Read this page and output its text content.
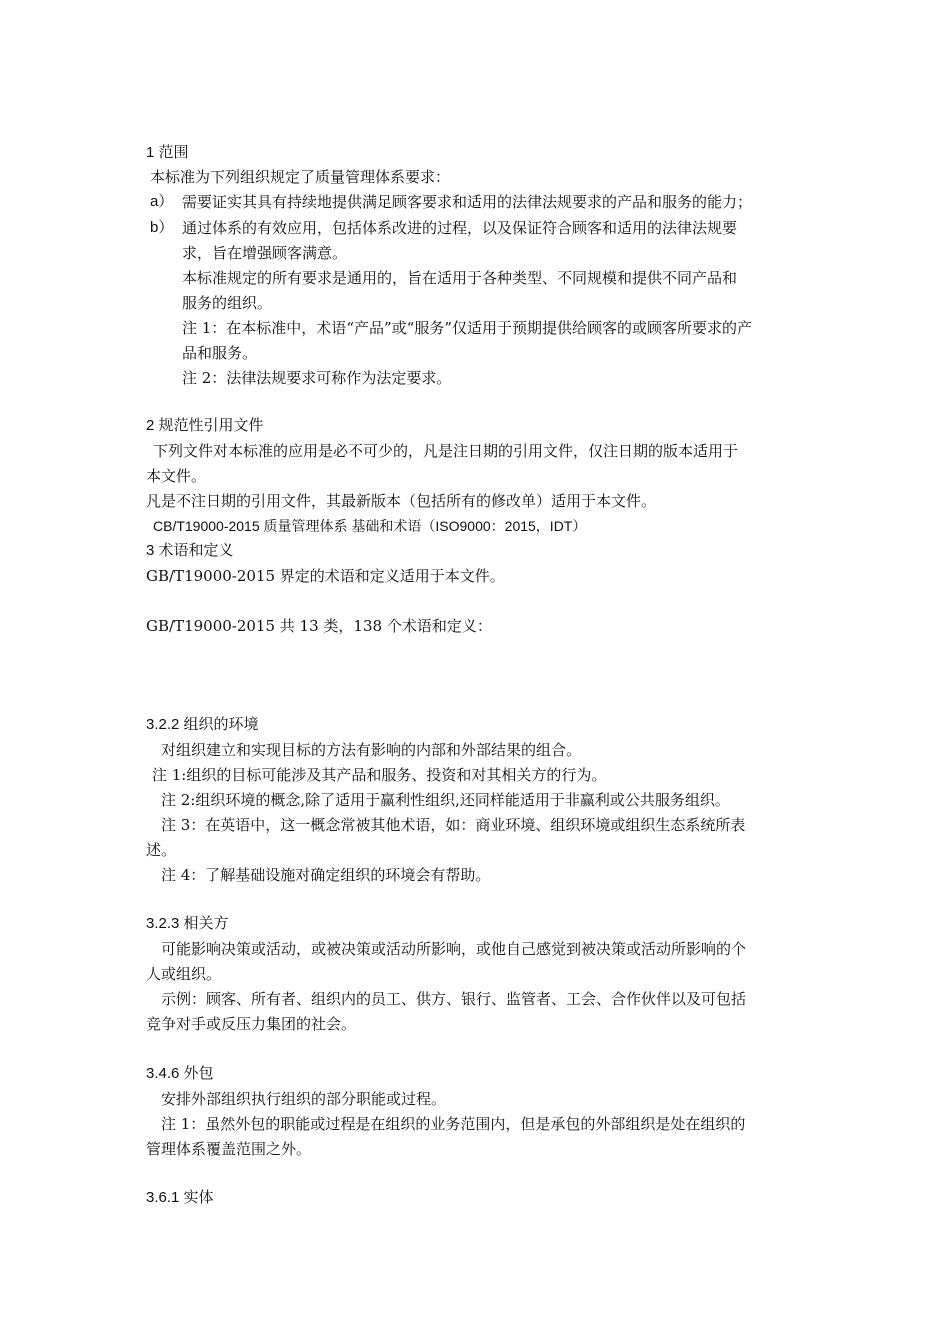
1 范围
本标准为下列组织规定了质量管理体系要求：
a） 需要证实其具有持续地提供满足顾客要求和适用的法律法规要求的产品和服务的能力；
b） 通过体系的有效应用，包括体系改进的过程，以及保证符合顾客和适用的法律法规要
求，旨在增强顾客满意。
本标准规定的所有要求是通用的，旨在适用于各种类型、不同规模和提供不同产品和
服务的组织。
注 1：在本标准中，术语“产品”或“服务”仅适用于预期提供给顾客的或顾客所要求的产
品和服务。
注 2：法律法规要求可称作为法定要求。
2 规范性引用文件
下列文件对本标准的应用是必不可少的，凡是注日期的引用文件，仅注日期的版本适用于
本文件。
凡是不注日期的引用文件，其最新版本（包括所有的修改单）适用于本文件。
CB/T19000-2015 质量管理体系 基础和术语（ISO9000：2015，IDT）
3 术语和定义
GB/T19000-2015 界定的术语和定义适用于本文件。
GB/T19000-2015 共 13 类，138 个术语和定义：
3.2.2 组织的环境
对组织建立和实现目标的方法有影响的内部和外部结果的组合。
注 1:组织的目标可能涉及其产品和服务、投资和对其相关方的行为。
注 2:组织环境的概念,除了适用于赢利性组织,还同样能适用于非赢利或公共服务组织。
注 3：在英语中，这一概念常被其他术语，如：商业环境、组织环境或组织生态系统所表
述。
注 4：了解基础设施对确定组织的环境会有帮助。
3.2.3 相关方
可能影响决策或活动，或被决策或活动所影响，或他自己感觉到被决策或活动所影响的个
人或组织。
示例：顾客、所有者、组织内的员工、供方、银行、监管者、工会、合作伙伴以及可包括
竞争对手或反压力集团的社会。
3.4.6 外包
安排外部组织执行组织的部分职能或过程。
注 1：虽然外包的职能或过程是在组织的业务范围内，但是承包的外部组织是处在组织的
管理体系覆盖范围之外。
3.6.1 实体
